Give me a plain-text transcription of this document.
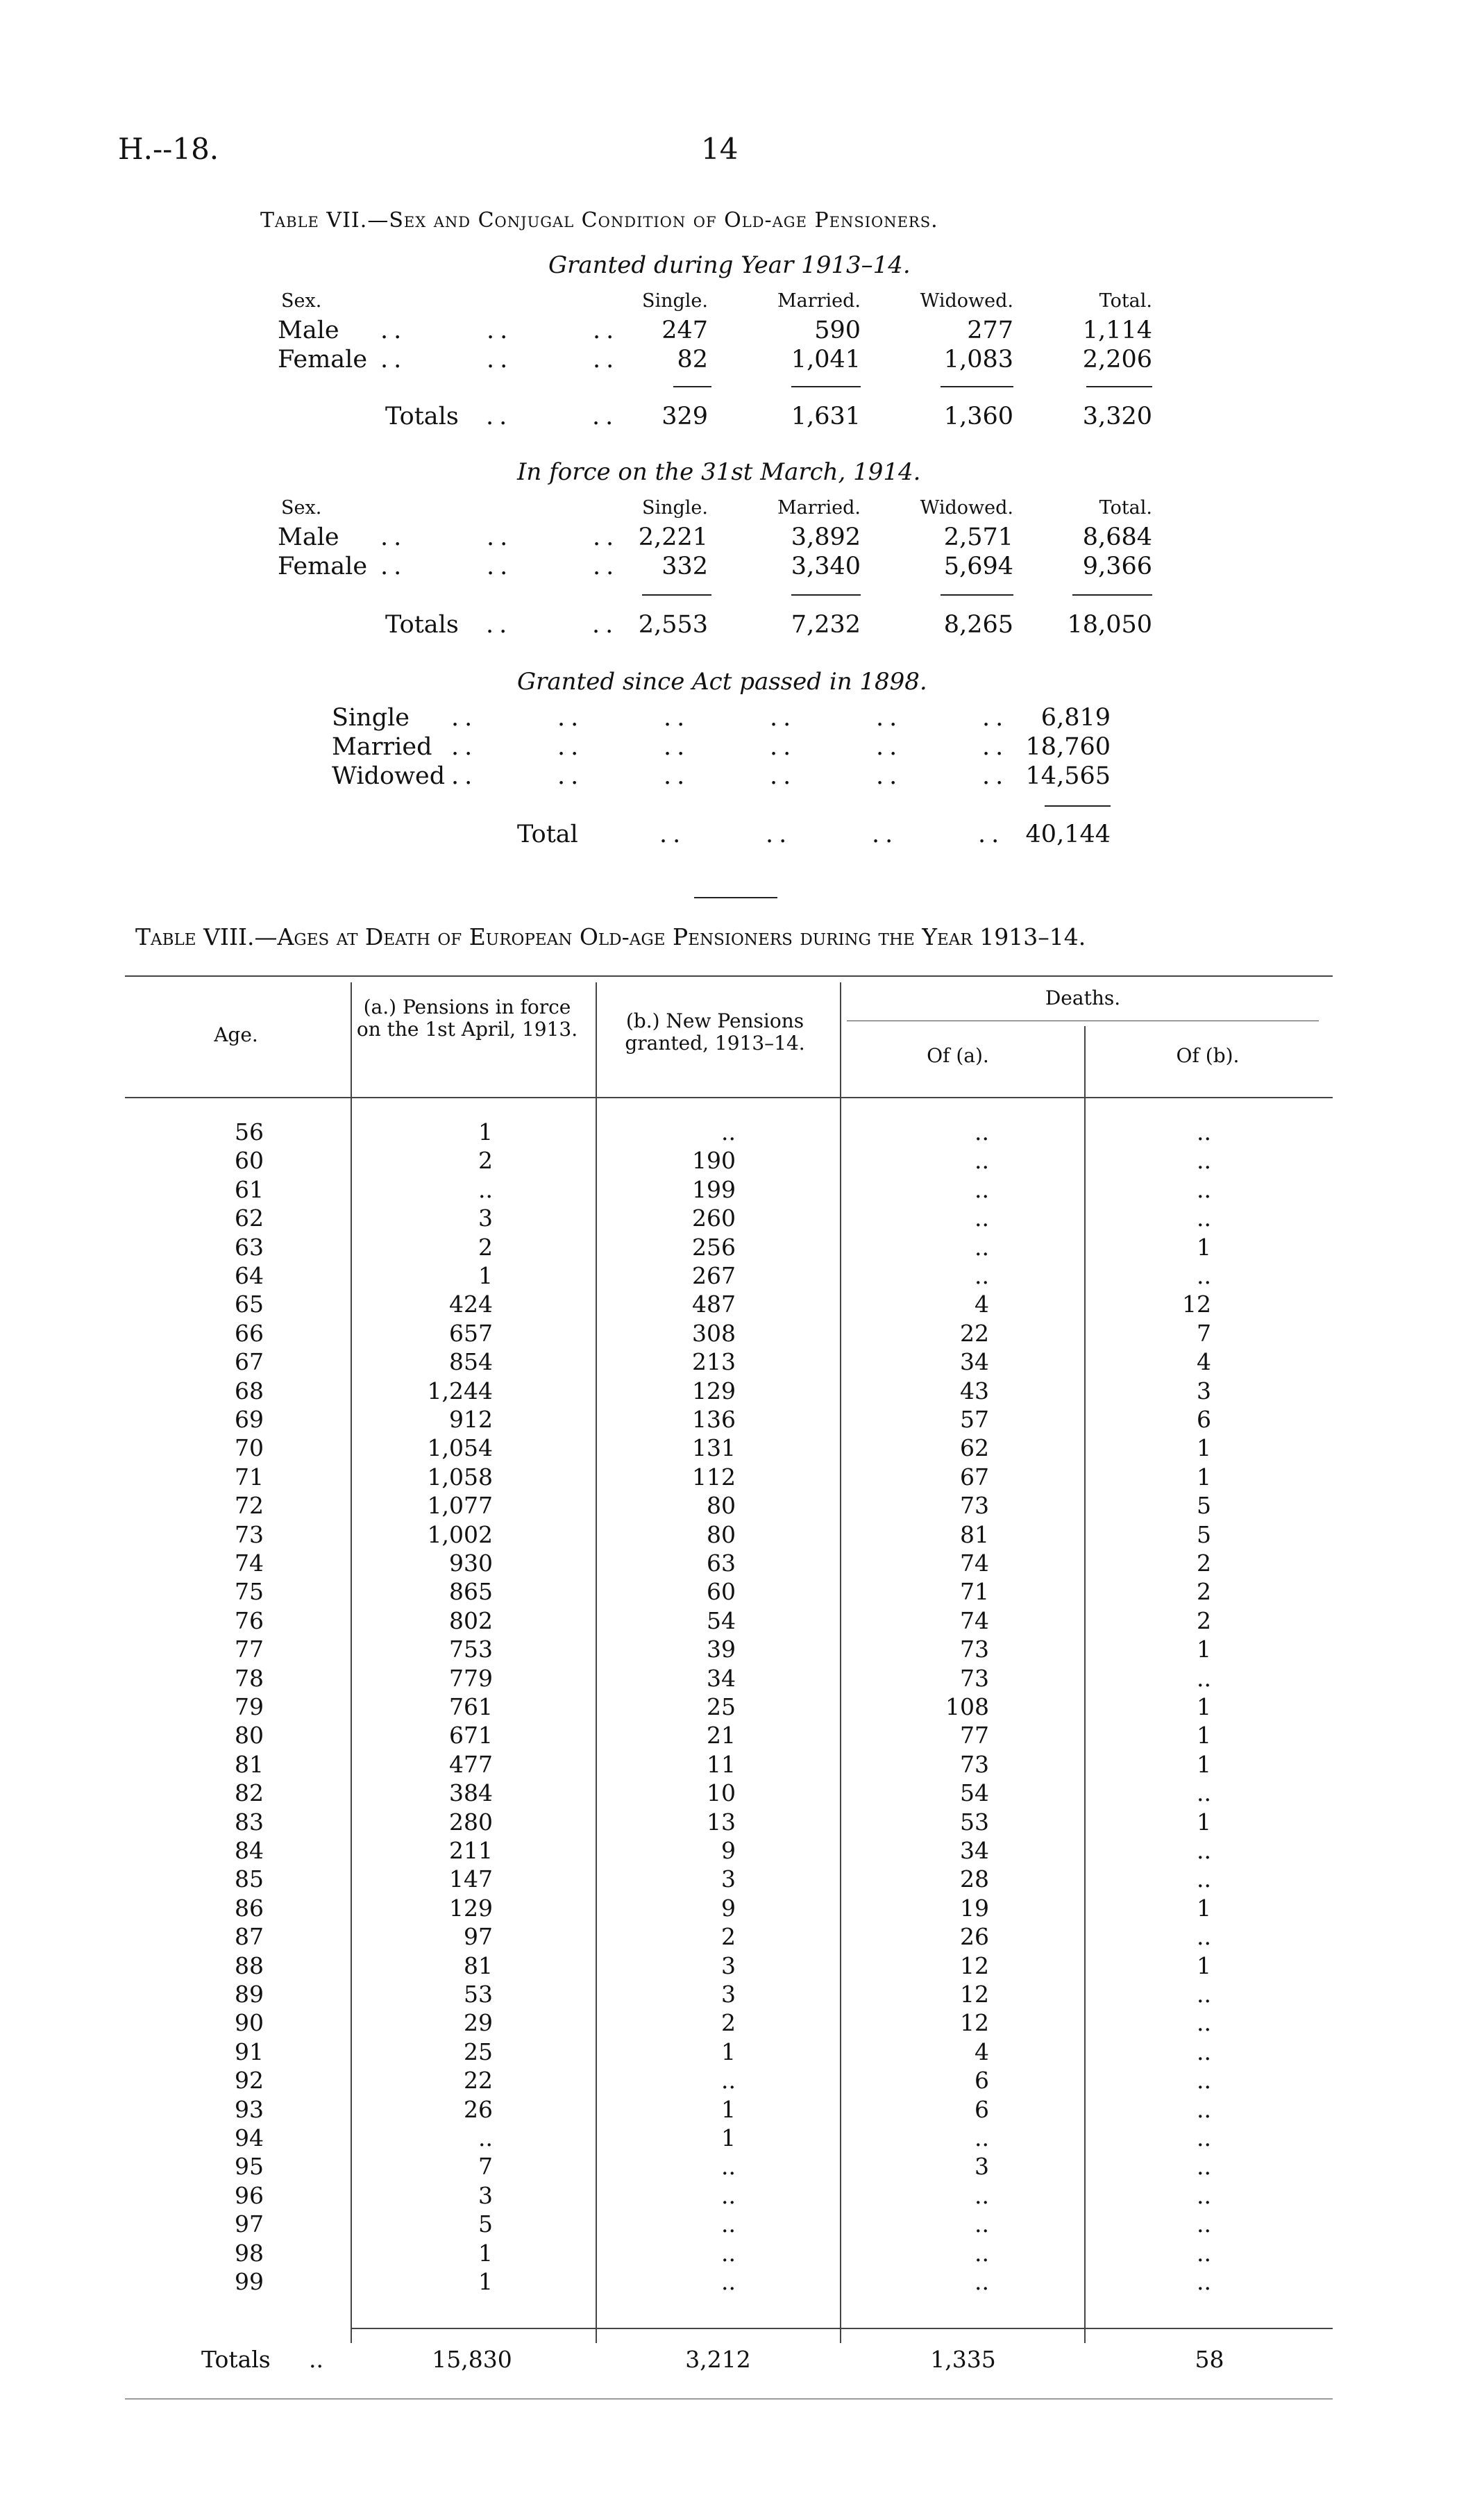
H.--18.	14
Table VII.—Sex and Conjugal Condition of Old-age Pensioners.
Granted during Year 1913–14.
Sex.	Single.	Married.	Widowed.	Total.
Male ..      ..      ..	247	590	277	1,114
Female ..      ..      ..	82	1,041	1,083	2,206
Totals ..      ..	329	1,631	1,360	3,320
In force on the 31st March, 1914.
Sex.	Single.	Married.	Widowed.	Total.
Male ..      ..      .. 2,221	3,892	2,571	8,684
Female ..      ..      ..	332	3,340	5,694	9,366
Totals ..      .. 2,553	7,232	8,265	18,050
Granted since Act passed in 1898.
Single ..      ..      ..      ..      ..      ..	6,819
Married ..      ..      ..      ..      ..      .. 18,760
Widowed ..      ..      ..      ..      ..      .. 14,565
Total	..      ..      ..      .. 40,144
Table VIII.—Ages at Death of European Old-age Pensioners during the Year 1913–14.
Age.
(a.) Pensions in force on the 1st April, 1913.	(b.) New Pensions granted, 1913–14.
Deaths.
Of (a).	Of (b).
56	1	..	..	..
60	2	190	..	..
61	..	199	..	..
62	3	260	..	..
63	2	256	..	1
64	1	267	..	..
65	424	487	4	12
66	657	308	22	7
67	854	213	34	4
68	1,244	129	43	3
69	912	136	57	6
70	1,054	131	62	1
71	1,058	112	67	1
72	1,077	80	73	5
73	1,002	80	81	5
74	930	63	74	2
75	865	60	71	2
76	802	54	74	2
77	753	39	73	1
78	779	34	73	..
79	761	25	108	1
80	671	21	77	1
81	477	11	73	1
82	384	10	54	..
83	280	13	53	1
84	211	9	34	..
85	147	3	28	..
86	129	9	19	1
87	97	2	26	..
88	81	3	12	1
89	53	3	12	..
90	29	2	12	..
91	25	1	4	..
92	22	..	6	..
93	26	1	6	..
94	..	1	..	..
95	7	..	3	..
96	3	..	..	..
97	5	..	..	..
98	1	..	..	..
99	1	..	..	..
Totals ..	15,830	3,212	1,335	58
